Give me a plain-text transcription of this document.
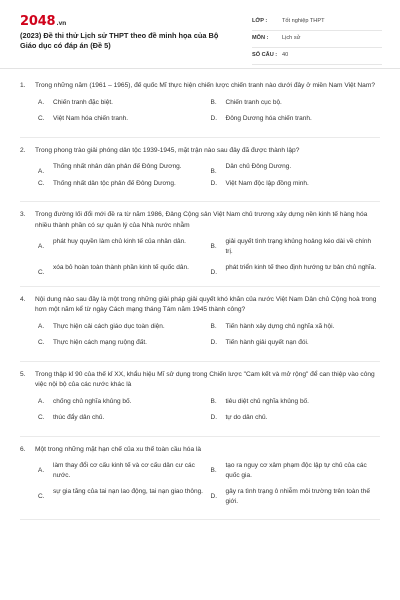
2048.vn
(2023) Đề thi thử Lịch sử THPT theo đề minh họa của Bộ Giáo dục có đáp án (Đề 5)
LỚP :	Tốt nghiệp THPT
MÔN : Lịch sử
SỐ CÂU : 40
1. Trong những năm (1961 – 1965), đế quốc Mĩ thực hiện chiến lược chiến tranh nào dưới đây ở miền Nam Việt Nam?
A. Chiến tranh đặc biệt.	B. Chiến tranh cục bộ.
C. Việt Nam hóa chiến tranh.	D. Đông Dương hóa chiến tranh.
2. Trong phong trào giải phóng dân tộc 1939-1945, mặt trận nào sau đây đã được thành lập?
A.
Thống nhất nhân dân phản đế Đông Dương.
B.
Dân chủ Đông Dương.
C. Thống nhất dân tộc phản đế Đông Dương.	D. Việt Nam độc lập đồng minh.
3. Trong đường lối đổi mới đề ra từ năm 1986, Đảng Cộng sản Việt Nam chủ trương xây dựng nền kinh tế hàng hóa nhiều thành phần có sự quản lý của Nhà nước nhằm
A.
phát huy quyền làm chủ kinh tế của nhân dân.
B.
giải quyết tình trạng khủng hoảng kéo dài về chính trị.
C.
xóa bỏ hoàn toàn thành phần kinh tế quốc dân.
D.
phát triển kinh tế theo định hướng tư bản chủ nghĩa.
4. Nội dung nào sau đây là một trong những giải pháp giải quyết khó khăn của nước Việt Nam Dân chủ Cộng hoà trong hơn một năm kể từ ngày Cách mạng tháng Tám năm 1945 thành công?
A. Thực hiện cải cách giáo dục toàn diện.	B. Tiến hành xây dựng chủ nghĩa xã hội.
C. Thực hiện cách mạng ruộng đất.	D. Tiến hành giải quyết nạn đói.
5. Trong thập kỉ 90 của thế kỉ XX, khẩu hiệu Mĩ sử dụng trong Chiến lược "Cam kết và mở rộng" để can thiệp vào công việc nội bộ của các nước khác là
A. chống chủ nghĩa khủng bố.	B. tiêu diệt chủ nghĩa khủng bố.
C. thúc đẩy dân chủ.	D. tự do dân chủ.
6. Một trong những mặt hạn chế của xu thế toàn cầu hóa là
A.
làm thay đổi cơ cấu kinh tế và cơ cấu dân cư các nước.
B.
tạo ra nguy cơ xâm phạm độc lập tự chủ của các quốc gia.
C.
sự gia tăng của tai nạn lao động, tai nạn giao thông.
D.
gây ra tình trạng ô nhiễm môi trường trên toàn thế giới.
